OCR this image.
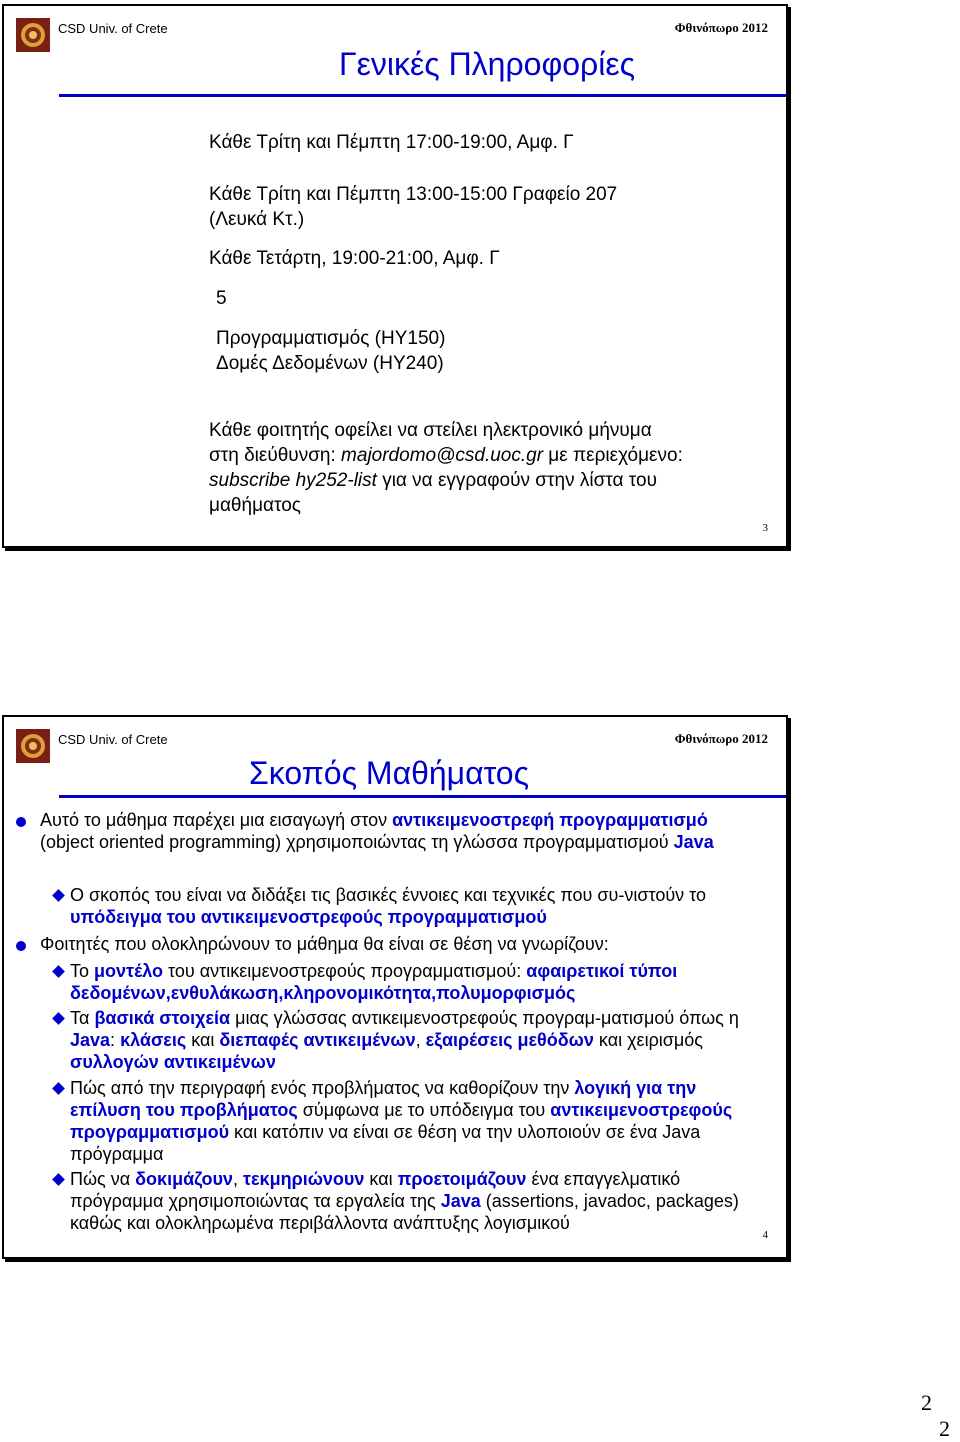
CSD Univ. of Crete	Φθινόπωρο 2012
Γενικές Πληροφορίες
Κάθε Τρίτη και Πέμπτη 17:00-19:00, Αμφ. Γ
Κάθε Τρίτη και Πέμπτη 13:00-15:00 Γραφείο 207
(Λευκά Κτ.)
Κάθε Τετάρτη, 19:00-21:00, Αμφ. Γ
5
Προγραμματισμός (ΗΥ150)
Δομές Δεδομένων (ΗΥ240)
Κάθε φοιτητής οφείλει να στείλει ηλεκτρονικό μήνυμα
στη διεύθυνση: majordomo@csd.uoc.gr με περιεχόμενο:
subscribe hy252-list για να εγγραφούν στην λίστα του
μαθήματος
3
CSD Univ. of Crete	Φθινόπωρο 2012
Σκοπός Μαθήματος
Αυτό το μάθημα παρέχει μια εισαγωγή στον αντικειμενοστρεφή προγραμματισμό (object oriented programming) χρησιμοποιώντας τη γλώσσα προγραμματισμού Java
Ο σκοπός του είναι να διδάξει τις βασικές έννοιες και τεχνικές που συ-νιστούν το υπόδειγμα του αντικειμενοστρεφούς προγραμματισμού
Φοιτητές που ολοκληρώνουν το μάθημα θα είναι σε θέση να γνωρίζουν:
Το μοντέλο του αντικειμενοστρεφούς προγραμματισμού: αφαιρετικοί τύποι δεδομένων,ενθυλάκωση,κληρονομικότητα,πολυμορφισμός
Τα βασικά στοιχεία μιας γλώσσας αντικειμενοστρεφούς προγραμ-ματισμού όπως η Java: κλάσεις και διεπαφές αντικειμένων, εξαιρέσεις μεθόδων και χειρισμός συλλογών αντικειμένων
Πώς από την περιγραφή ενός προβλήματος να καθορίζουν την λογική για την επίλυση του προβλήματος σύμφωνα με το υπόδειγμα του αντικειμενοστρεφούς προγραμματισμού και κατόπιν να είναι σε θέση να την υλοποιούν σε ένα Java πρόγραμμα
Πώς να δοκιμάζουν, τεκμηριώνουν και προετοιμάζουν ένα επαγγελματικό πρόγραμμα χρησιμοποιώντας τα εργαλεία της Java (assertions, javadoc, packages) καθώς και ολοκληρωμένα περιβάλλοντα ανάπτυξης λογισμικού
4
2
2
